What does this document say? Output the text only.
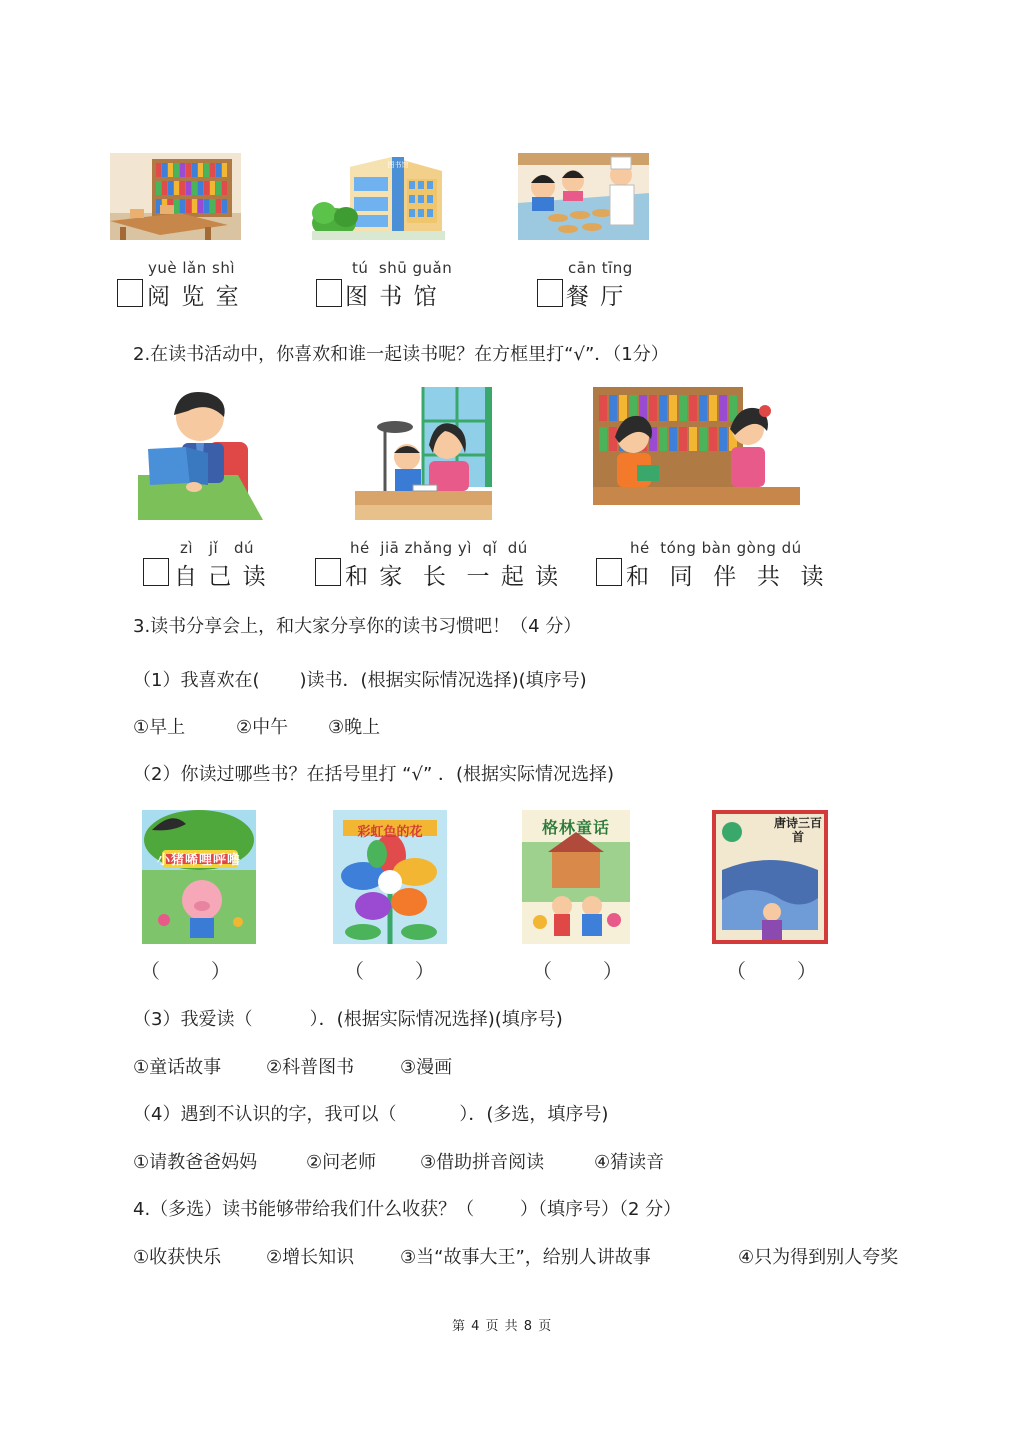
图书馆
yuè lǎn shì
阅 览 室
tú  shū guǎn
图 书 馆
cān tīng
餐 厅
2.在读书活动中，你喜欢和谁一起读书呢？在方框里打“√”．（1分）
zì   jǐ   dú
自 己 读
hé  jiā zhǎng yì  qǐ  dú
和 家  长  一 起 读
hé  tóng bàn gòng dú
和  同  伴  共  读
3.读书分享会上，和大家分享你的读书习惯吧！（4 分）
（1）我喜欢在(       )读书．(根据实际情况选择)(填序号)
①早上	②中午 ③晚上
（2）你读过哪些书？在括号里打 “√” ．(根据实际情况选择)
小猪唏哩呼噜
彩虹色的花	格林童话	唐诗三百首
（        ）	（        ）	（        ）	（        ）
（3）我爱读（          ）．(根据实际情况选择)(填序号)
①童话故事 ②科普图书	③漫画
（4）遇到不认识的字，我可以（           ）．(多选，填序号)
①请教爸爸妈妈	②问老师 ③借助拼音阅读	④猜读音
4.（多选）读书能够带给我们什么收获？（        ）（填序号）（2 分）
①收获快乐 ②增长知识	③当“故事大王”，给别人讲故事	④只为得到别人夸奖
第 4 页 共 8 页
